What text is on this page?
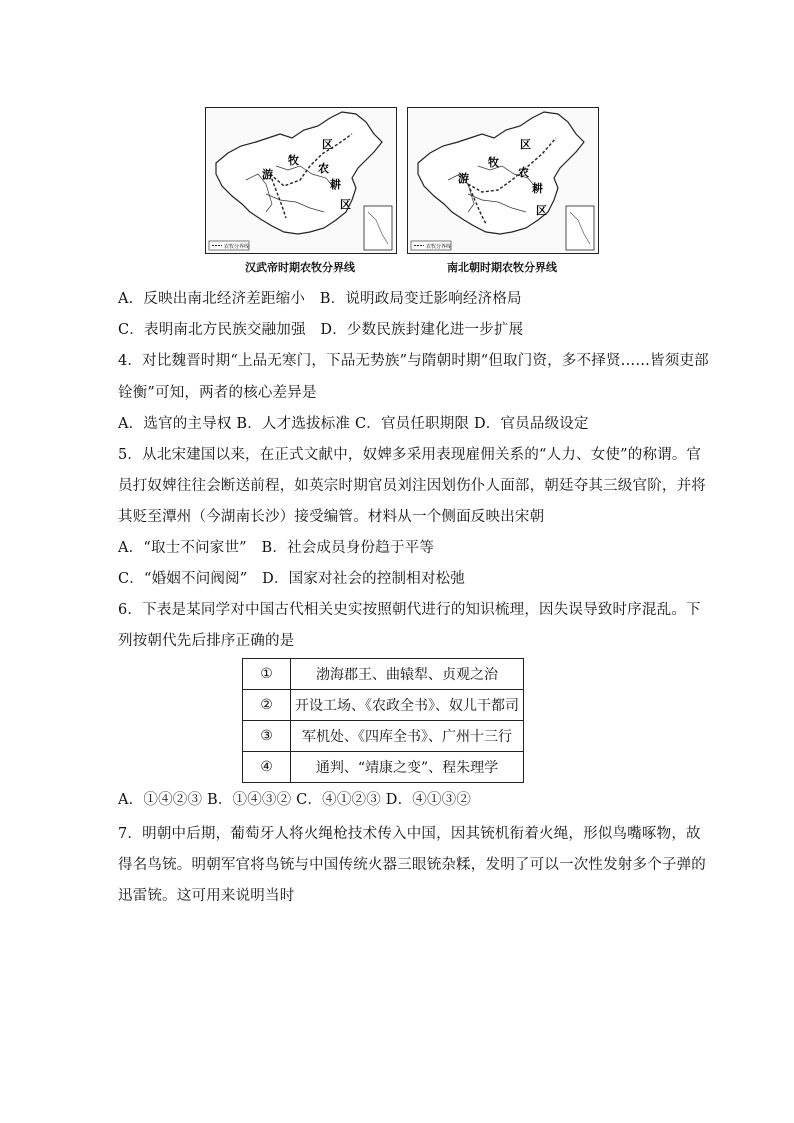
农牧分界线
区
牧
农
游
耕
区
农牧分界线
区
牧
农
游
耕
区
汉武帝时期农牧分界线	南北朝时期农牧分界线
A．反映出南北经济差距缩小　B．说明政局变迁影响经济格局
C．表明南北方民族交融加强　D．少数民族封建化进一步扩展
4．对比魏晋时期“上品无寒门，下品无势族”与隋朝时期“但取门资，多不择贤……皆须吏部
铨衡”可知，两者的核心差异是
A．选官的主导权 B．人才选拔标准 C．官员任职期限 D．官员品级设定
5．从北宋建国以来，在正式文献中，奴婢多采用表现雇佣关系的“人力、女使”的称谓。官
员打奴婢往往会断送前程，如英宗时期官员刘注因划伤仆人面部，朝廷夺其三级官阶，并将
其贬至潭州（今湖南长沙）接受编管。材料从一个侧面反映出宋朝
A．“取士不问家世”　B．社会成员身份趋于平等
C．“婚姻不问阀阅”　D．国家对社会的控制相对松弛
6．下表是某同学对中国古代相关史实按照朝代进行的知识梳理，因失误导致时序混乱。下
列按朝代先后排序正确的是
①	渤海郡王、曲辕犁、贞观之治
②	开设工场、《农政全书》、奴儿干都司
③	军机处、《四库全书》、广州十三行
④	通判、“靖康之变”、程朱理学
A．①④②③ B．①④③② C．④①②③ D．④①③②
7．明朝中后期，葡萄牙人将火绳枪技术传入中国，因其铳机衔着火绳，形似鸟嘴啄物，故
得名鸟铳。明朝军官将鸟铳与中国传统火器三眼铳杂糅，发明了可以一次性发射多个子弹的
迅雷铳。这可用来说明当时
